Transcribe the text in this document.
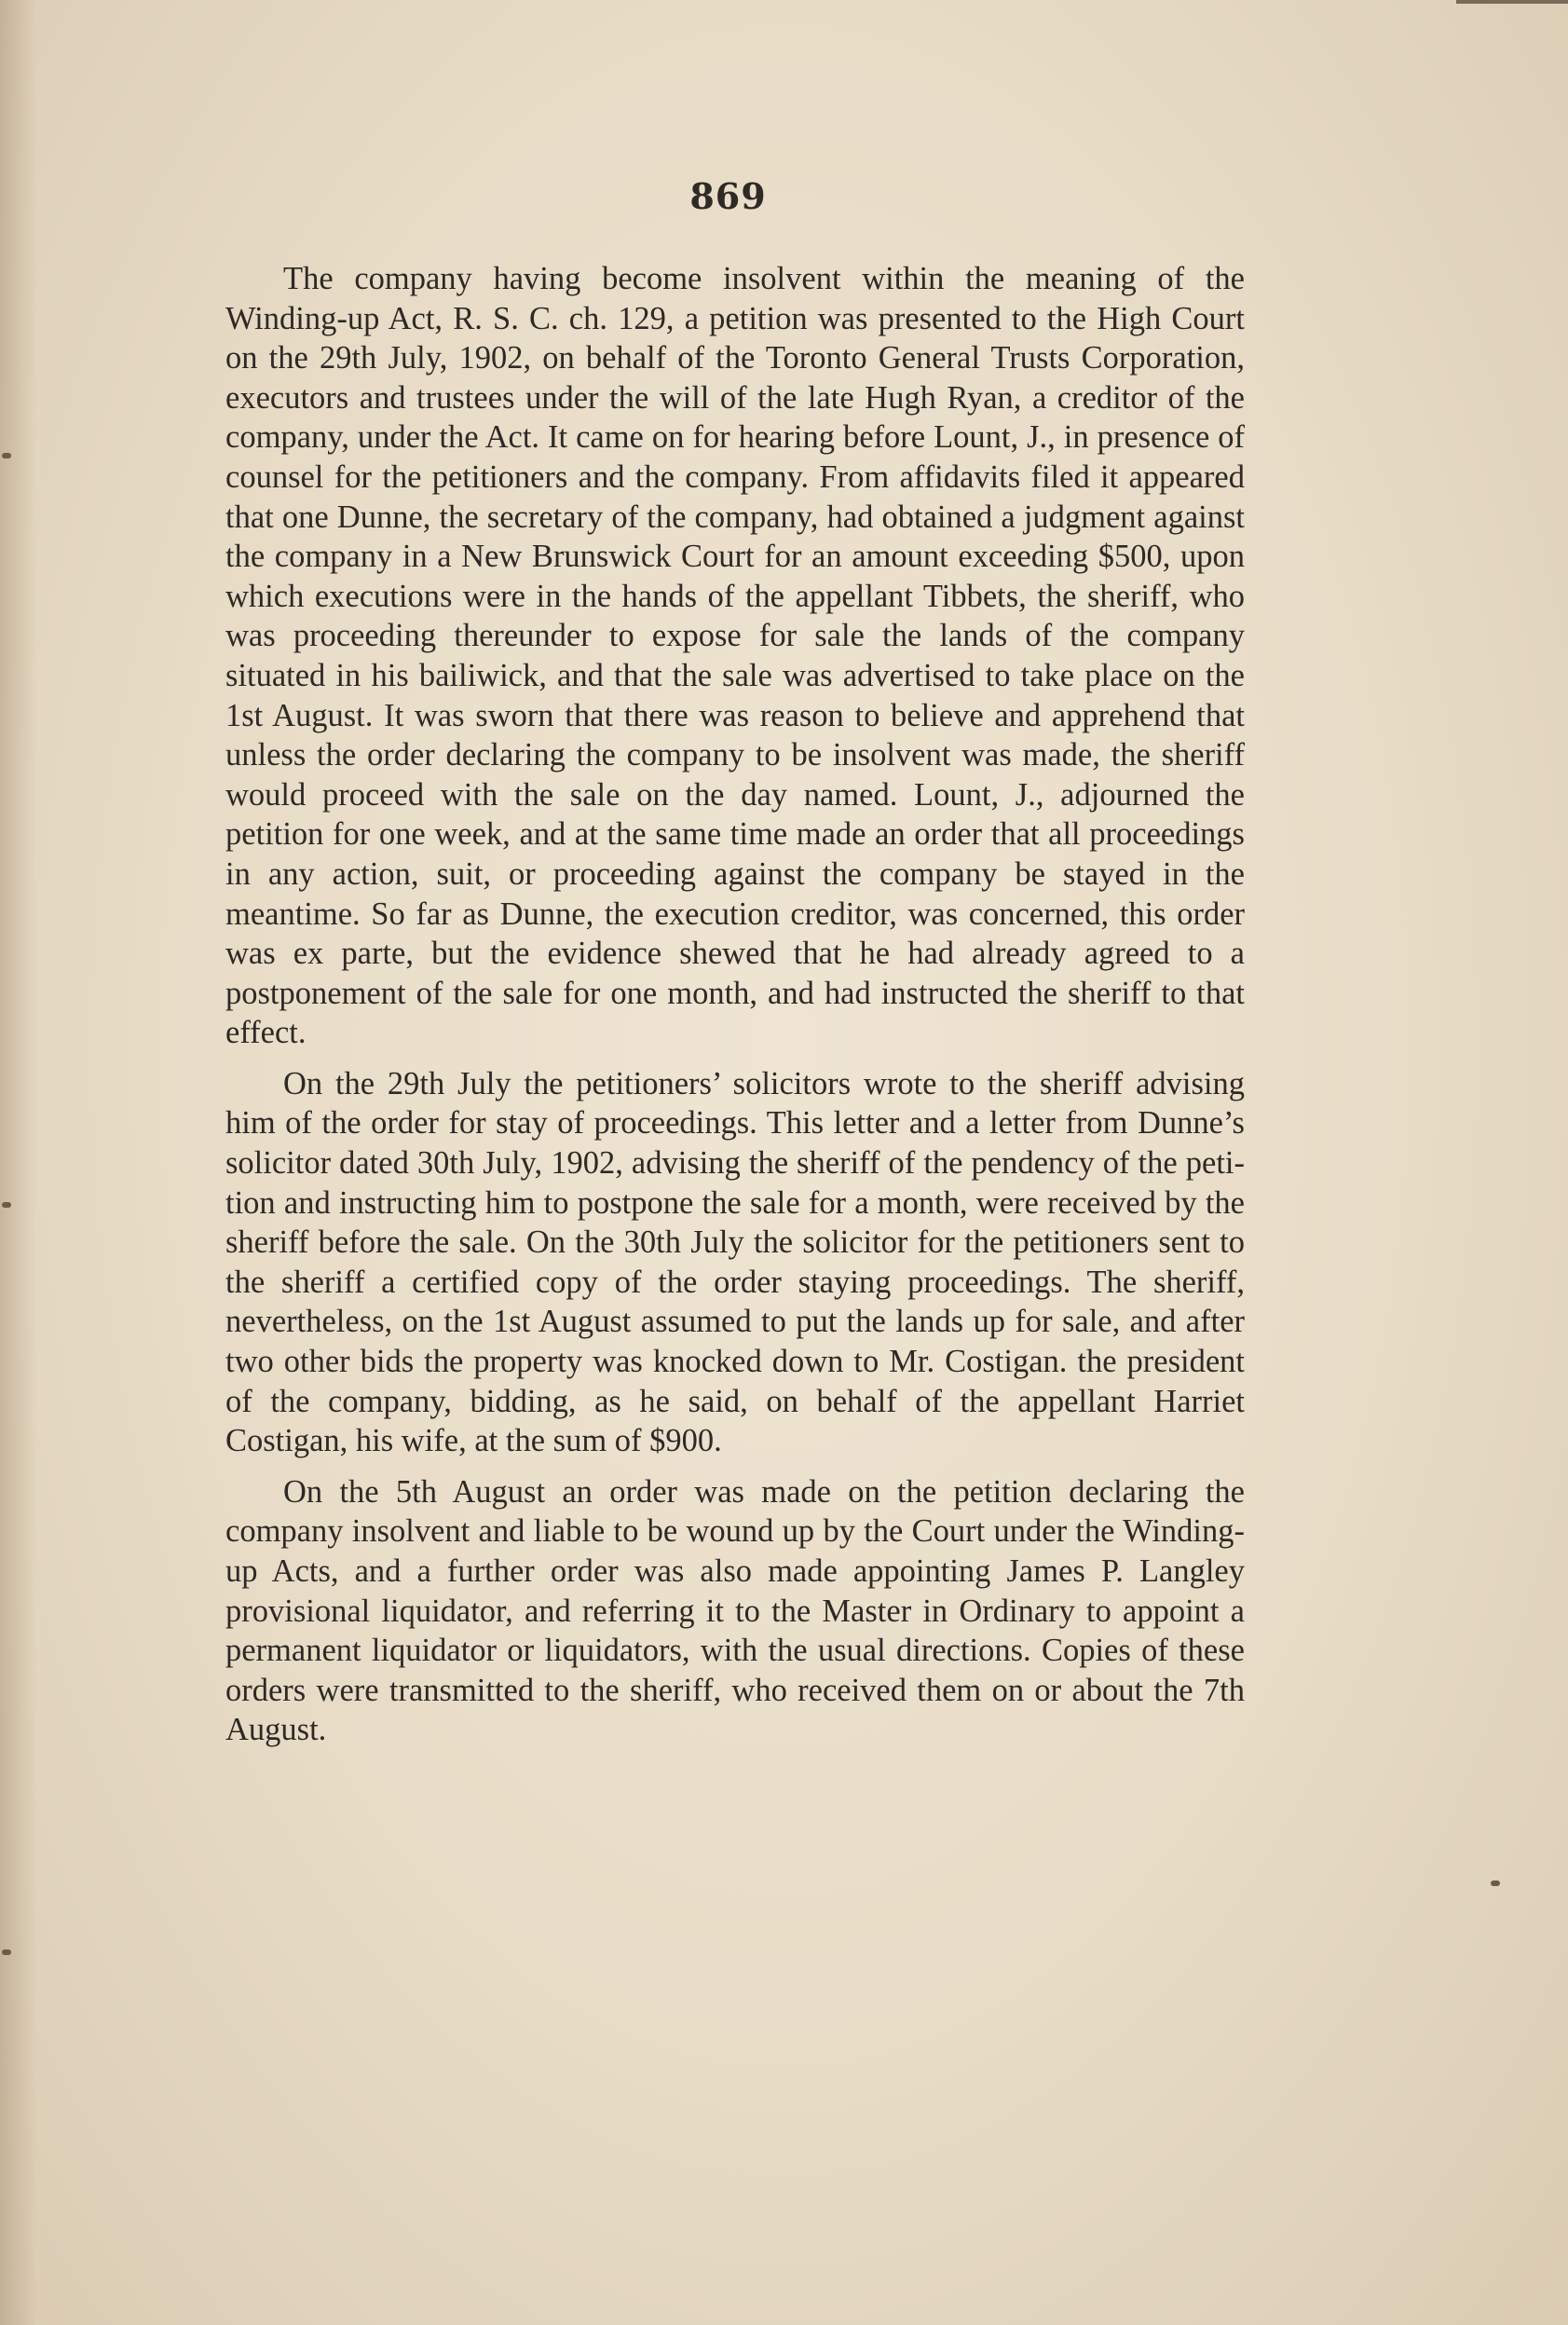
869

The company having become insolvent within the meaning of the Winding-up Act, R. S. C. ch. 129, a petition was presented to the High Court on the 29th July, 1902, on behalf of the Toronto General Trusts Corporation, executors and trustees under the will of the late Hugh Ryan, a creditor of the company, under the Act. It came on for hearing before Lount, J., in presence of counsel for the petitioners and the company. From affidavits filed it appeared that one Dunne, the secretary of the company, had obtained a judgment against the company in a New Brunswick Court for an amount exceeding $500, upon which executions were in the hands of the appellant Tibbets, the sheriff, who was proceeding thereunder to expose for sale the lands of the company situated in his bailiwick, and that the sale was advertised to take place on the 1st August. It was sworn that there was reason to believe and apprehend that unless the order declaring the company to be insolvent was made, the sheriff would proceed with the sale on the day named. Lount, J., adjourned the petition for one week, and at the same time made an order that all proceedings in any action, suit, or proceeding against the company be stayed in the meantime. So far as Dunne, the execution creditor, was concerned, this order was ex parte, but the evidence shewed that he had already agreed to a postponement of the sale for one month, and had instructed the sheriff to that effect.

On the 29th July the petitioners’ solicitors wrote to the sheriff advising him of the order for stay of proceedings. This letter and a letter from Dunne’s solicitor dated 30th July, 1902, advising the sheriff of the pendency of the petition and instructing him to postpone the sale for a month, were received by the sheriff before the sale. On the 30th July the solicitor for the petitioners sent to the sheriff a certified copy of the order staying proceedings. The sheriff, nevertheless, on the 1st August assumed to put the lands up for sale, and after two other bids the property was knocked down to Mr. Costigan. the president of the company, bidding, as he said, on behalf of the appellant Harriet Costigan, his wife, at the sum of $900.

On the 5th August an order was made on the petition declaring the company insolvent and liable to be wound up by the Court under the Winding-up Acts, and a further order was also made appointing James P. Langley provisional liquidator, and referring it to the Master in Ordinary to appoint a permanent liquidator or liquidators, with the usual directions. Copies of these orders were transmitted to the sheriff, who received them on or about the 7th August.
